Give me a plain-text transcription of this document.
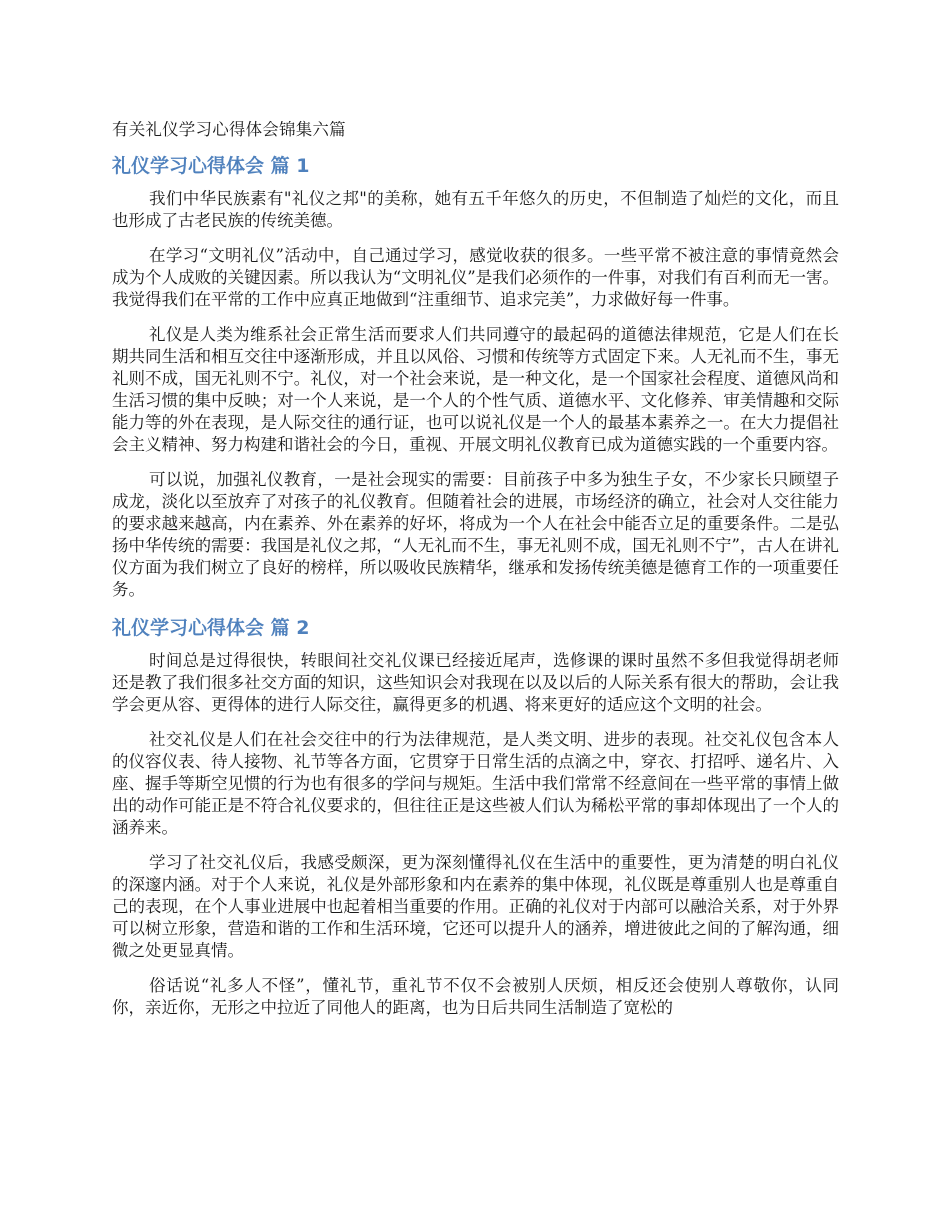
有关礼仪学习心得体会锦集六篇
礼仪学习心得体会 篇 1

我们中华民族素有"礼仪之邦"的美称，她有五千年悠久的历史，不但制造了灿烂的文化，而且也形成了古老民族的传统美德。

在学习“文明礼仪”活动中，自己通过学习，感觉收获的很多。一些平常不被注意的事情竟然会成为个人成败的关键因素。所以我认为“文明礼仪”是我们必须作的一件事，对我们有百利而无一害。我觉得我们在平常的工作中应真正地做到“注重细节、追求完美”，力求做好每一件事。

礼仪是人类为维系社会正常生活而要求人们共同遵守的最起码的道德法律规范，它是人们在长期共同生活和相互交往中逐渐形成，并且以风俗、习惯和传统等方式固定下来。人无礼而不生，事无礼则不成，国无礼则不宁。礼仪，对一个社会来说，是一种文化，是一个国家社会程度、道德风尚和生活习惯的集中反映；对一个人来说，是一个人的个性气质、道德水平、文化修养、审美情趣和交际能力等的外在表现，是人际交往的通行证，也可以说礼仪是一个人的最基本素养之一。在大力提倡社会主义精神、努力构建和谐社会的今日，重视、开展文明礼仪教育已成为道德实践的一个重要内容。

可以说，加强礼仪教育，一是社会现实的需要：目前孩子中多为独生子女，不少家长只顾望子成龙，淡化以至放弃了对孩子的礼仪教育。但随着社会的进展，市场经济的确立，社会对人交往能力的要求越来越高，内在素养、外在素养的好坏，将成为一个人在社会中能否立足的重要条件。二是弘扬中华传统的需要：我国是礼仪之邦，“人无礼而不生，事无礼则不成，国无礼则不宁”，古人在讲礼仪方面为我们树立了良好的榜样，所以吸收民族精华，继承和发扬传统美德是德育工作的一项重要任务。

礼仪学习心得体会 篇 2

时间总是过得很快，转眼间社交礼仪课已经接近尾声，选修课的课时虽然不多但我觉得胡老师还是教了我们很多社交方面的知识，这些知识会对我现在以及以后的人际关系有很大的帮助，会让我学会更从容、更得体的进行人际交往，赢得更多的机遇、将来更好的适应这个文明的社会。

社交礼仪是人们在社会交往中的行为法律规范，是人类文明、进步的表现。社交礼仪包含本人的仪容仪表、待人接物、礼节等各方面，它贯穿于日常生活的点滴之中，穿衣、打招呼、递名片、入座、握手等斯空见惯的行为也有很多的学问与规矩。生活中我们常常不经意间在一些平常的事情上做出的动作可能正是不符合礼仪要求的，但往往正是这些被人们认为稀松平常的事却体现出了一个人的涵养来。

学习了社交礼仪后，我感受颇深，更为深刻懂得礼仪在生活中的重要性，更为清楚的明白礼仪的深邃内涵。对于个人来说，礼仪是外部形象和内在素养的集中体现，礼仪既是尊重别人也是尊重自己的表现，在个人事业进展中也起着相当重要的作用。正确的礼仪对于内部可以融洽关系，对于外界可以树立形象，营造和谐的工作和生活环境，它还可以提升人的涵养，增进彼此之间的了解沟通，细微之处更显真情。

俗话说“礼多人不怪”，懂礼节，重礼节不仅不会被别人厌烦，相反还会使别人尊敬你，认同你，亲近你，无形之中拉近了同他人的距离，也为日后共同生活制造了宽松的
